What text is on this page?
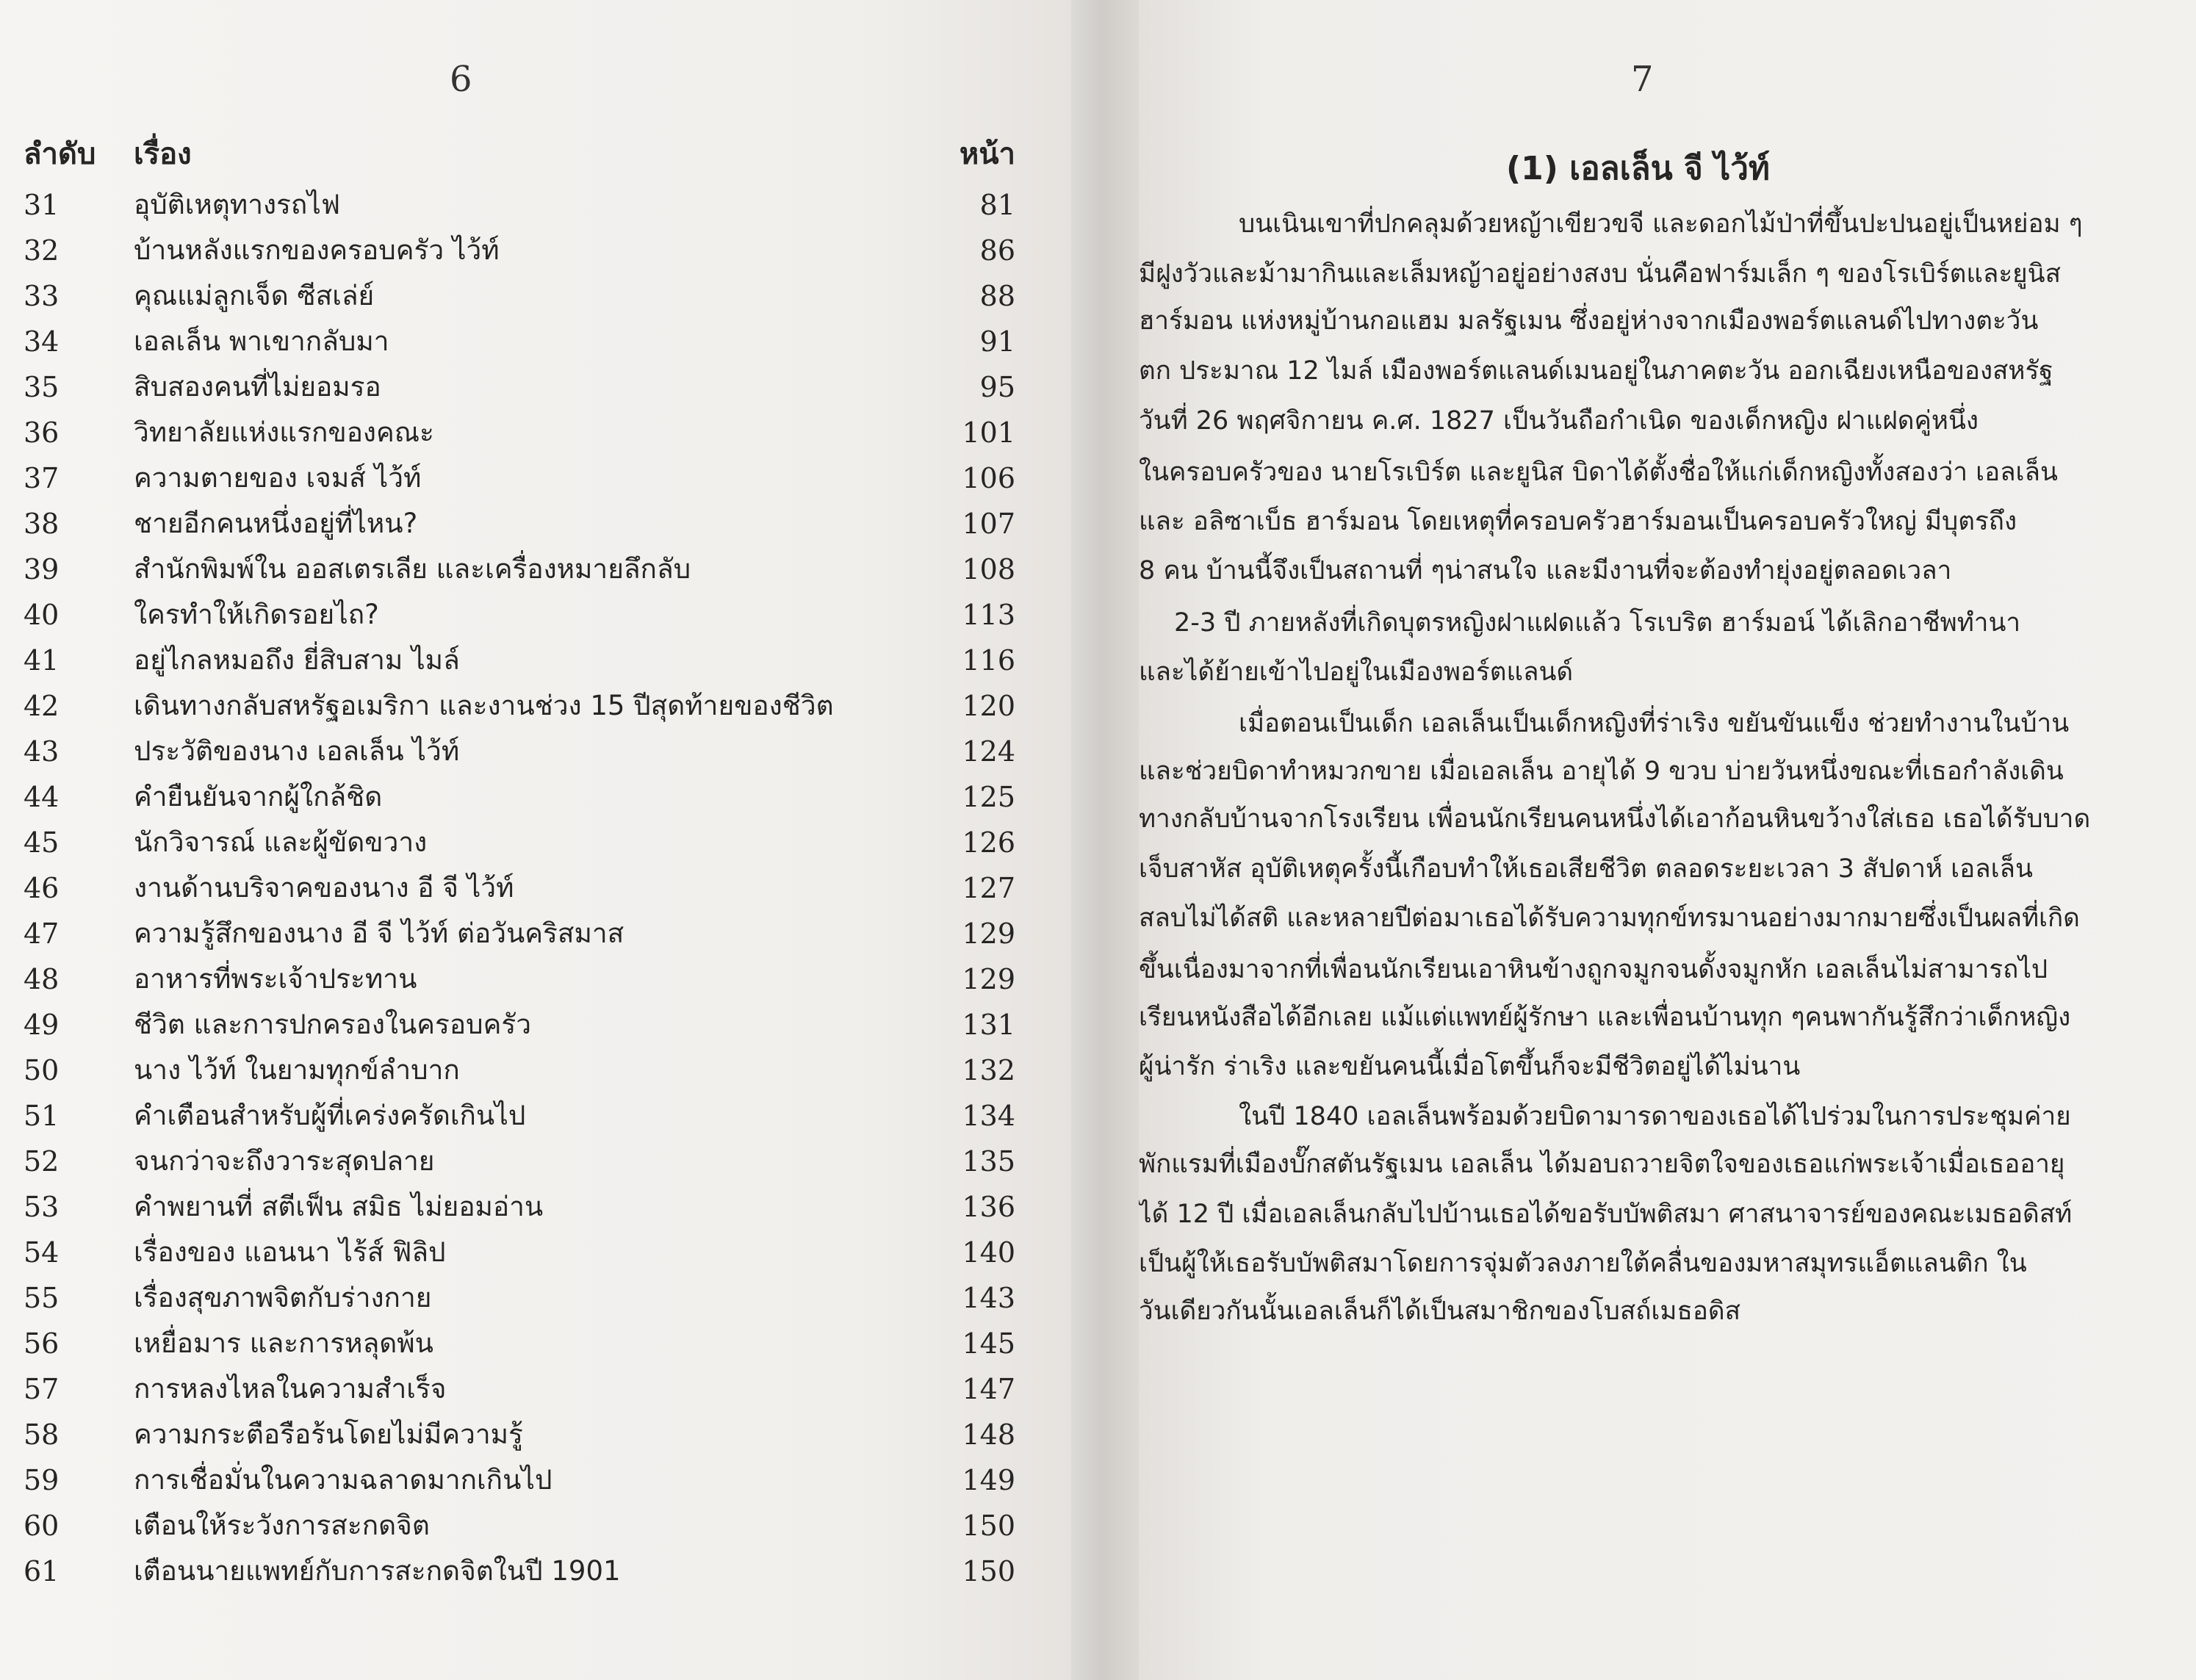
6
ลำดับ เรื่อง	หน้า
31	อุบัติเหตุทางรถไฟ	81
32	บ้านหลังแรกของครอบครัว ไว้ท์	86
33	คุณแม่ลูกเจ็ด ซีสเล่ย์	88
34	เอลเล็น พาเขากลับมา	91
35	สิบสองคนที่ไม่ยอมรอ	95
36	วิทยาลัยแห่งแรกของคณะ	101
37	ความตายของ เจมส์ ไว้ท์	106
38	ชายอีกคนหนึ่งอยู่ที่ไหน?	107
39	สำนักพิมพ์ใน ออสเตรเลีย และเครื่องหมายลึกลับ	108
40	ใครทำให้เกิดรอยไถ?	113
41	อยู่ไกลหมอถึง ยี่สิบสาม ไมล์	116
42	เดินทางกลับสหรัฐอเมริกา และงานช่วง 15 ปีสุดท้ายของชีวิต	120
43	ประวัติของนาง เอลเล็น ไว้ท์	124
44	คำยืนยันจากผู้ใกล้ชิด	125
45	นักวิจารณ์ และผู้ขัดขวาง	126
46	งานด้านบริจาคของนาง อี จี ไว้ท์	127
47	ความรู้สึกของนาง อี จี ไว้ท์ ต่อวันคริสมาส	129
48	อาหารที่พระเจ้าประทาน	129
49	ชีวิต และการปกครองในครอบครัว	131
50	นาง ไว้ท์ ในยามทุกข์ลำบาก	132
51	คำเตือนสำหรับผู้ที่เคร่งครัดเกินไป	134
52	จนกว่าจะถึงวาระสุดปลาย	135
53	คำพยานที่ สตีเฟ็น สมิธ ไม่ยอมอ่าน	136
54	เรื่องของ แอนนา ไร้ส์ ฟิลิป	140
55	เรื่องสุขภาพจิตกับร่างกาย	143
56	เหยื่อมาร และการหลุดพ้น	145
57	การหลงไหลในความสำเร็จ	147
58	ความกระตือรือร้นโดยไม่มีความรู้	148
59	การเชื่อมั่นในความฉลาดมากเกินไป	149
60	เตือนให้ระวังการสะกดจิต	150
61	เตือนนายแพทย์กับการสะกดจิตในปี 1901	150
7
(1) เอลเล็น จี ไว้ท์
บนเนินเขาที่ปกคลุมด้วยหญ้าเขียวขจี และดอกไม้ป่าที่ขึ้นปะปนอยู่เป็นหย่อม ๆ
มีฝูงวัวและม้ามากินและเล็มหญ้าอยู่อย่างสงบ นั่นคือฟาร์มเล็ก ๆ ของโรเบิร์ตและยูนิส
ฮาร์มอน แห่งหมู่บ้านกอแฮม มลรัฐเมน ซึ่งอยู่ห่างจากเมืองพอร์ตแลนด์ไปทางตะวัน
ตก ประมาณ 12 ไมล์ เมืองพอร์ตแลนด์เมนอยู่ในภาคตะวัน ออกเฉียงเหนือของสหรัฐ
วันที่ 26 พฤศจิกายน ค.ศ. 1827 เป็นวันถือกำเนิด ของเด็กหญิง ฝาแฝดคู่หนึ่ง
ในครอบครัวของ นายโรเบิร์ต และยูนิส บิดาได้ตั้งชื่อให้แก่เด็กหญิงทั้งสองว่า เอลเล็น
และ อลิซาเบ็ธ ฮาร์มอน โดยเหตุที่ครอบครัวฮาร์มอนเป็นครอบครัวใหญ่ มีบุตรถึง
8 คน บ้านนี้จึงเป็นสถานที่ ๆน่าสนใจ และมีงานที่จะต้องทำยุ่งอยู่ตลอดเวลา
2-3 ปี ภายหลังที่เกิดบุตรหญิงฝาแฝดแล้ว โรเบริต ฮาร์มอน์ ได้เลิกอาชีพทำนา
และได้ย้ายเข้าไปอยู่ในเมืองพอร์ตแลนด์
เมื่อตอนเป็นเด็ก เอลเล็นเป็นเด็กหญิงที่ร่าเริง ขยันขันแข็ง ช่วยทำงานในบ้าน
และช่วยบิดาทำหมวกขาย เมื่อเอลเล็น อายุได้ 9 ขวบ บ่ายวันหนึ่งขณะที่เธอกำลังเดิน
ทางกลับบ้านจากโรงเรียน เพื่อนนักเรียนคนหนึ่งได้เอาก้อนหินขว้างใส่เธอ เธอได้รับบาด
เจ็บสาหัส อุบัติเหตุครั้งนี้เกือบทำให้เธอเสียชีวิต ตลอดระยะเวลา 3 สัปดาห์ เอลเล็น
สลบไม่ได้สติ และหลายปีต่อมาเธอได้รับความทุกข์ทรมานอย่างมากมายซึ่งเป็นผลที่เกิด
ขึ้นเนื่องมาจากที่เพื่อนนักเรียนเอาหินข้างถูกจมูกจนดั้งจมูกหัก เอลเล็นไม่สามารถไป
เรียนหนังสือได้อีกเลย แม้แต่แพทย์ผู้รักษา และเพื่อนบ้านทุก ๆคนพากันรู้สึกว่าเด็กหญิง
ผู้น่ารัก ร่าเริง และขยันคนนี้เมื่อโตขึ้นก็จะมีชีวิตอยู่ได้ไม่นาน
ในปี 1840 เอลเล็นพร้อมด้วยบิดามารดาของเธอได้ไปร่วมในการประชุมค่าย
พักแรมที่เมืองบั๊กสตันรัฐเมน เอลเล็น ได้มอบถวายจิตใจของเธอแก่พระเจ้าเมื่อเธออายุ
ได้ 12 ปี เมื่อเอลเล็นกลับไปบ้านเธอได้ขอรับบัพติสมา ศาสนาจารย์ของคณะเมธอดิสท์
เป็นผู้ให้เธอรับบัพติสมาโดยการจุ่มตัวลงภายใต้คลื่นของมหาสมุทรแอ็ตแลนติก ใน
วันเดียวกันนั้นเอลเล็นก็ได้เป็นสมาชิกของโบสถ์เมธอดิส
